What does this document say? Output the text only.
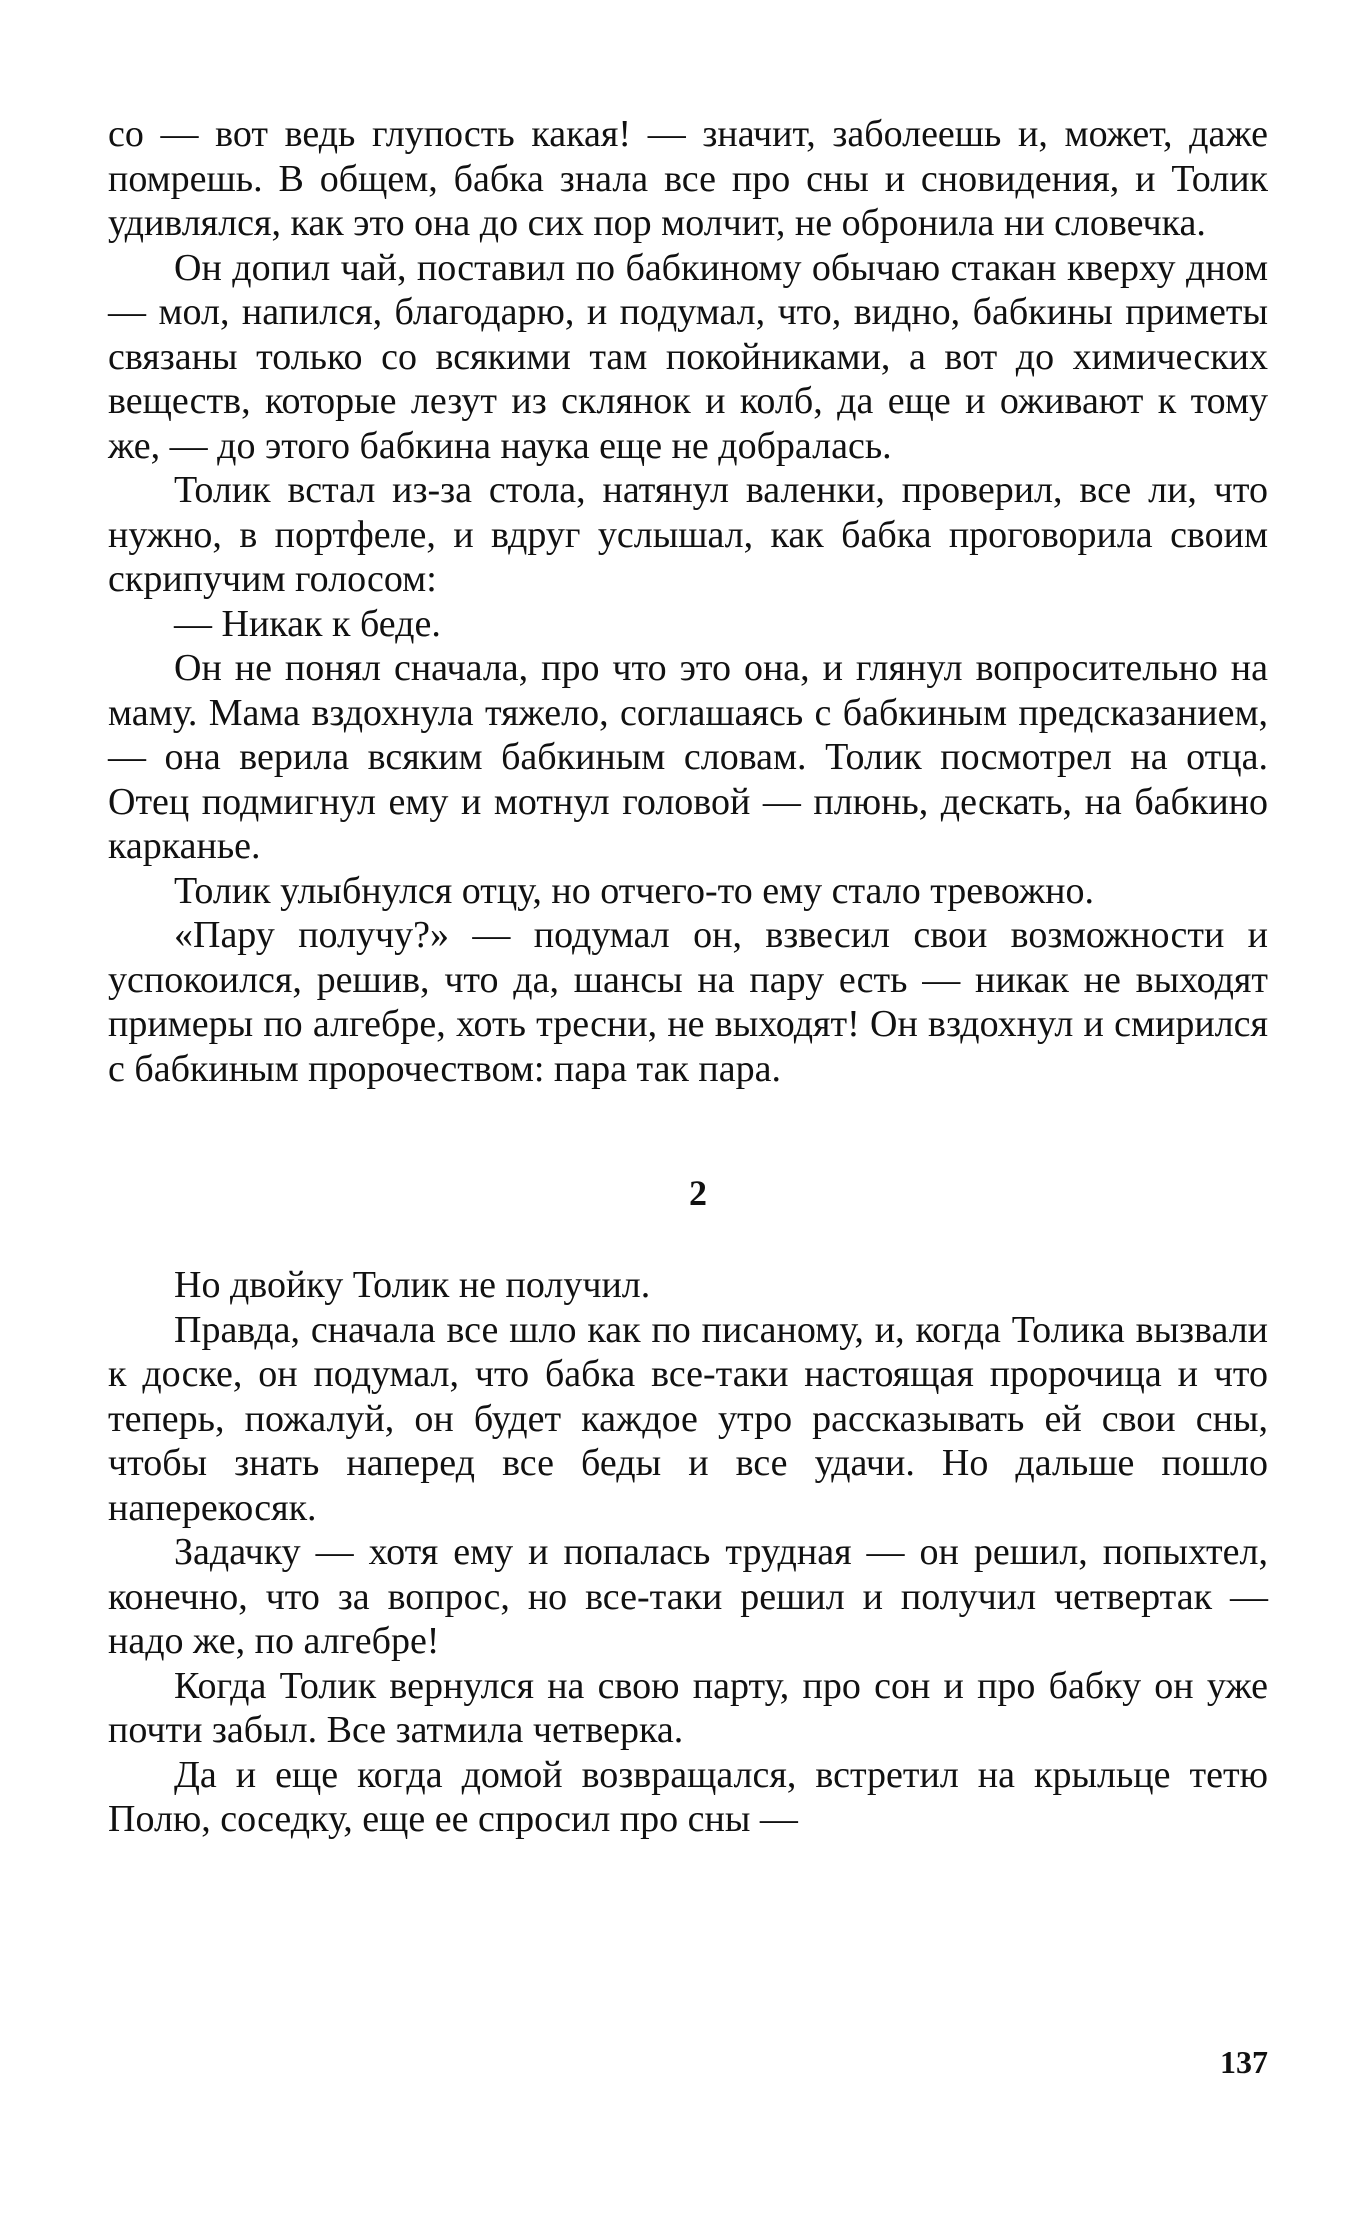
со — вот ведь глупость какая! — значит, заболеешь и, может, даже помрешь. В общем, бабка знала все про сны и сновидения, и Толик удивлялся, как это она до сих пор молчит, не обронила ни словечка.

Он допил чай, поставил по бабкиному обычаю стакан кверху дном — мол, напился, благодарю, и подумал, что, видно, бабкины приметы связаны только со всякими там покойниками, а вот до химических веществ, которые лезут из склянок и колб, да еще и оживают к тому же, — до этого бабкина наука еще не добралась.

Толик встал из-за стола, натянул валенки, проверил, все ли, что нужно, в портфеле, и вдруг услышал, как бабка проговорила своим скрипучим голосом:

— Никак к беде.

Он не понял сначала, про что это она, и глянул вопросительно на маму. Мама вздохнула тяжело, соглашаясь с бабкиным предсказанием, — она верила всяким бабкиным словам. Толик посмотрел на отца. Отец подмигнул ему и мотнул головой — плюнь, дескать, на бабкино карканье.

Толик улыбнулся отцу, но отчего-то ему стало тревожно.

«Пару получу?» — подумал он, взвесил свои возможности и успокоился, решив, что да, шансы на пару есть — никак не выходят примеры по алгебре, хоть тресни, не выходят! Он вздохнул и смирился с бабкиным пророчеством: пара так пара.

2

Но двойку Толик не получил.

Правда, сначала все шло как по писаному, и, когда Толика вызвали к доске, он подумал, что бабка все-таки настоящая пророчица и что теперь, пожалуй, он будет каждое утро рассказывать ей свои сны, чтобы знать наперед все беды и все удачи. Но дальше пошло наперекосяк.

Задачку — хотя ему и попалась трудная — он решил, попыхтел, конечно, что за вопрос, но все-таки решил и получил четвертак — надо же, по алгебре!

Когда Толик вернулся на свою парту, про сон и про бабку он уже почти забыл. Все затмила четверка.

Да и еще когда домой возвращался, встретил на крыльце тетю Полю, соседку, еще ее спросил про сны —

137
